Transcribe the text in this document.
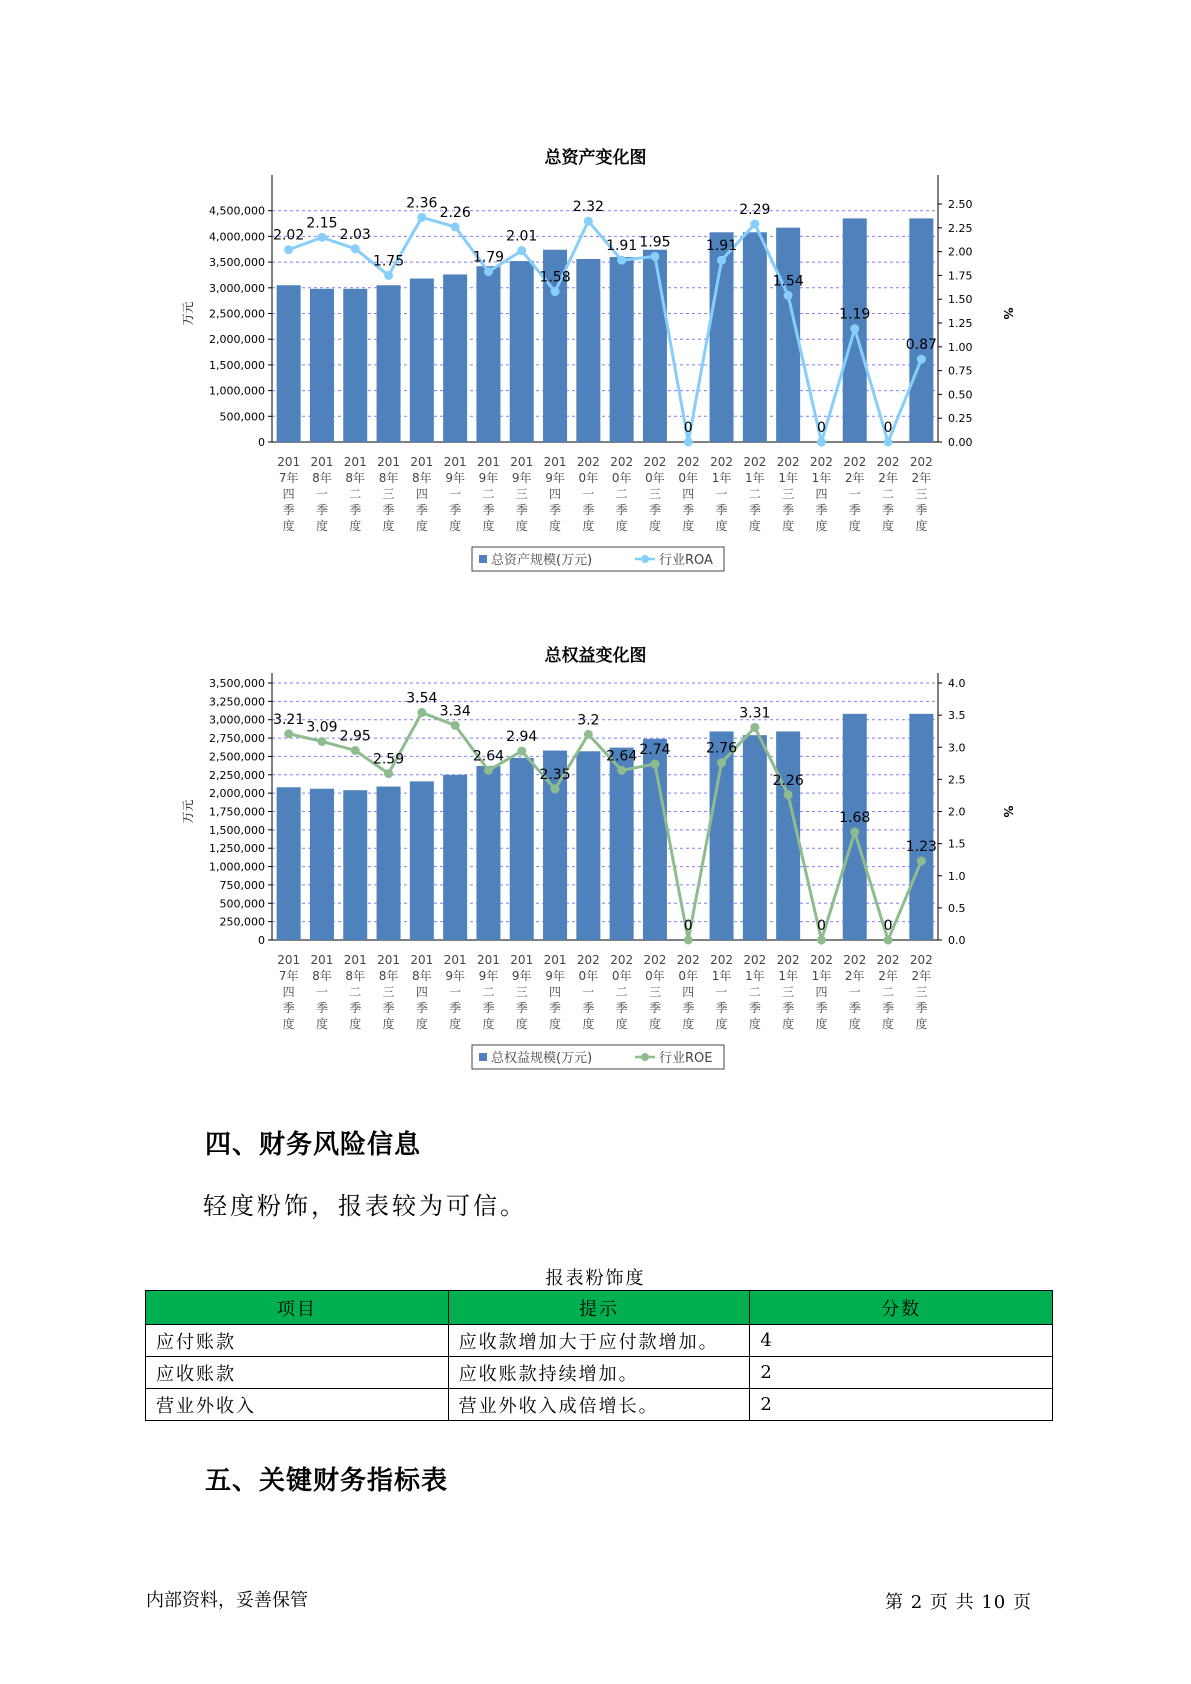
总资产变化图
4,500,000
4,000,000
3,500,000
3,000,000
2,500,000
2,000,000
1,500,000
1,000,000
500,000
0
2.50
2.25
2.00
1.75
1.50
1.25
1.00
0.75
0.50
0.25
0.00
万元	%
2.02
2.15
2.03
1.75
2.36
2.26
1.79
2.01
1.58
2.32
1.91 1.95
0
1.91
2.29
1.54
0
1.19
0
0.87
201
7年
四
季
度
201
8年
一
季
度
201
8年
二
季
度
201
8年
三
季
度
201
8年
四
季
度
201
9年
一
季
度
201
9年
二
季
度
201
9年
三
季
度
201
9年
四
季
度
202
0年
一
季
度
202
0年
二
季
度
202
0年
三
季
度
202
0年
四
季
度
202
1年
一
季
度
202
1年
二
季
度
202
1年
三
季
度
202
1年
四
季
度
202
2年
一
季
度
202
2年
二
季
度
202
2年
三
季
度
总资产规模(万元)	行业ROA
总权益变化图
3,500,000
3,250,000
3,000,000
2,750,000
2,500,000
2,250,000
2,000,000
1,750,000
1,500,000
1,250,000
1,000,000
750,000
500,000
250,000
0
4.0
3.5
3.0
2.5
2.0
1.5
1.0
0.5
0.0
万元	%
3.21 3.09
2.95
2.59
3.54
3.34
2.64
2.94
2.35
3.2
2.64 2.74
0
2.76
3.31
2.26
0
1.68
0
1.23
201
7年
四
季
度
201
8年
一
季
度
201
8年
二
季
度
201
8年
三
季
度
201
8年
四
季
度
201
9年
一
季
度
201
9年
二
季
度
201
9年
三
季
度
201
9年
四
季
度
202
0年
一
季
度
202
0年
二
季
度
202
0年
三
季
度
202
0年
四
季
度
202
1年
一
季
度
202
1年
二
季
度
202
1年
三
季
度
202
1年
四
季
度
202
2年
一
季
度
202
2年
二
季
度
202
2年
三
季
度
总权益规模(万元)	行业ROE
四、财务风险信息
轻度粉饰，报表较为可信。
报表粉饰度
项目	提示	分数
应付账款	应收款增加大于应付款增加。	4
应收账款	应收账款持续增加。	2
营业外收入	营业外收入成倍增长。	2
五、关键财务指标表
内部资料，妥善保管	第 2 页 共 10 页
